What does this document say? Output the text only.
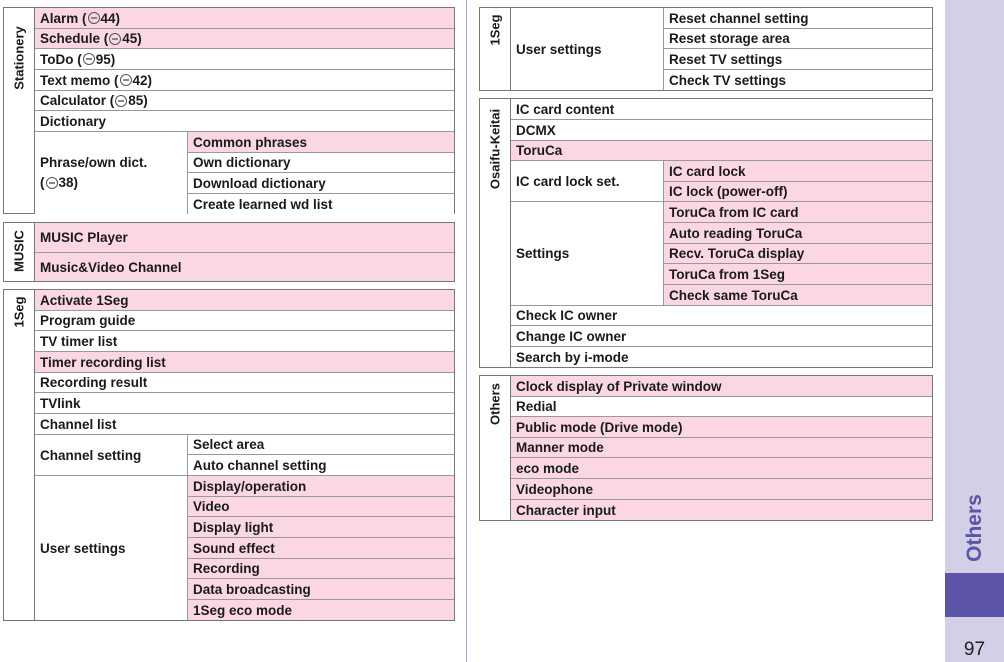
Stationery
Alarm ( 44)
Schedule ( 45)
ToDo ( 95)
Text memo ( 42)
Calculator ( 85)
Dictionary
Phrase/own dict.
( 38)
Common phrases
Own dictionary
Download dictionary
Create learned wd list
MUSIC MUSIC Player
Music&Video Channel
1Seg Activate 1Seg
Program guide
TV timer list
Timer recording list
Recording result
TVlink
Channel list
Channel setting
Select area
Auto channel setting
User settings
Display/operation
Video
Display light
Sound effect
Recording
Data broadcasting
1Seg eco mode
1Seg
User settings
Reset channel setting
Reset storage area
Reset TV settings
Check TV settings
Osaifu-Keitai IC card content
DCMX
ToruCa
IC card lock set.
IC card lock
IC lock (power-off)
Settings
ToruCa from IC card
Auto reading ToruCa
Recv. ToruCa display
ToruCa from 1Seg
Check same ToruCa
Check IC owner
Change IC owner
Search by i-mode
Others Clock display of Private window
Redial
Public mode (Drive mode)
Manner mode
eco mode
Videophone
Character input	Others
97
